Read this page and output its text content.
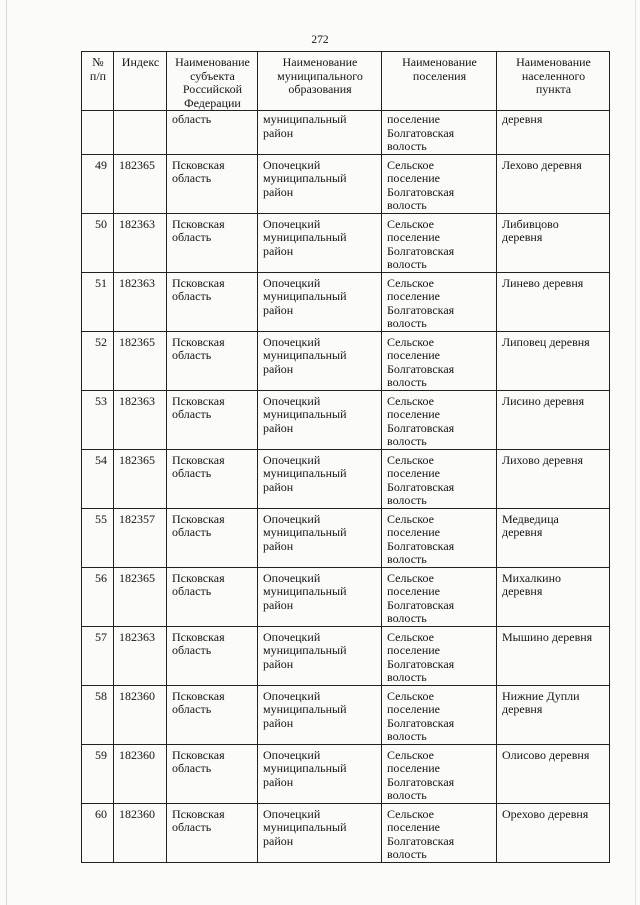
272
№
п/п	Индекс	Наименование
субъекта
Российской
Федерации	Наименование
муниципального
образования	Наименование
поселения	Наименование
населенного
пункта
		область	муниципальный
район	поселение
Болгатовская
волость	деревня
49	182365	Псковская
область	Опочецкий
муниципальный
район	Сельское
поселение
Болгатовская
волость	Лехово деревня
50	182363	Псковская
область	Опочецкий
муниципальный
район	Сельское
поселение
Болгатовская
волость	Либивцово
деревня
51	182363	Псковская
область	Опочецкий
муниципальный
район	Сельское
поселение
Болгатовская
волость	Линево деревня
52	182365	Псковская
область	Опочецкий
муниципальный
район	Сельское
поселение
Болгатовская
волость	Липовец деревня
53	182363	Псковская
область	Опочецкий
муниципальный
район	Сельское
поселение
Болгатовская
волость	Лисино деревня
54	182365	Псковская
область	Опочецкий
муниципальный
район	Сельское
поселение
Болгатовская
волость	Лихово деревня
55	182357	Псковская
область	Опочецкий
муниципальный
район	Сельское
поселение
Болгатовская
волость	Медведица
деревня
56	182365	Псковская
область	Опочецкий
муниципальный
район	Сельское
поселение
Болгатовская
волость	Михалкино
деревня
57	182363	Псковская
область	Опочецкий
муниципальный
район	Сельское
поселение
Болгатовская
волость	Мышино деревня
58	182360	Псковская
область	Опочецкий
муниципальный
район	Сельское
поселение
Болгатовская
волость	Нижние Дупли
деревня
59	182360	Псковская
область	Опочецкий
муниципальный
район	Сельское
поселение
Болгатовская
волость	Олисово деревня
60	182360	Псковская
область	Опочецкий
муниципальный
район	Сельское
поселение
Болгатовская
волость	Орехово деревня
